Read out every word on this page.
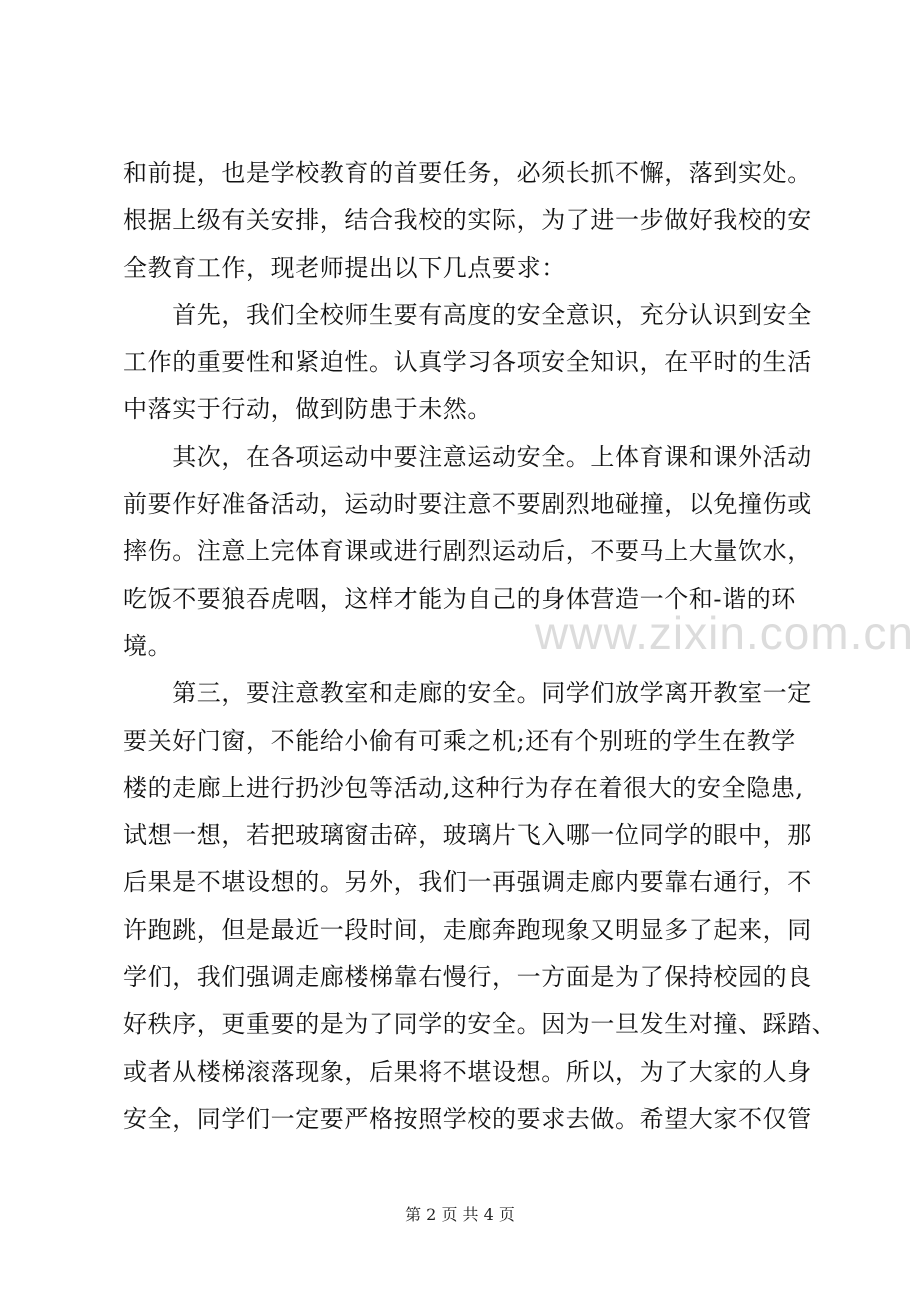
和前提，也是学校教育的首要任务，必须长抓不懈，落到实处。
根据上级有关安排，结合我校的实际，为了进一步做好我校的安
全教育工作，现老师提出以下几点要求：
　　首先，我们全校师生要有高度的安全意识，充分认识到安全
工作的重要性和紧迫性。认真学习各项安全知识，在平时的生活
中落实于行动，做到防患于未然。
　　其次，在各项运动中要注意运动安全。上体育课和课外活动
前要作好准备活动，运动时要注意不要剧烈地碰撞，以免撞伤或
摔伤。注意上完体育课或进行剧烈运动后，不要马上大量饮水，
吃饭不要狼吞虎咽，这样才能为自己的身体营造一个和-谐的环
境。
　　第三，要注意教室和走廊的安全。同学们放学离开教室一定
要关好门窗，不能给小偷有可乘之机;还有个别班的学生在教学
楼的走廊上进行扔沙包等活动,这种行为存在着很大的安全隐患,
试想一想，若把玻璃窗击碎，玻璃片飞入哪一位同学的眼中，那
后果是不堪设想的。另外，我们一再强调走廊内要靠右通行，不
许跑跳，但是最近一段时间，走廊奔跑现象又明显多了起来，同
学们，我们强调走廊楼梯靠右慢行，一方面是为了保持校园的良
好秩序，更重要的是为了同学的安全。因为一旦发生对撞、踩踏、
或者从楼梯滚落现象，后果将不堪设想。所以，为了大家的人身
安全，同学们一定要严格按照学校的要求去做。希望大家不仅管
www.zixin.com.cn
第 2 页 共 4 页
